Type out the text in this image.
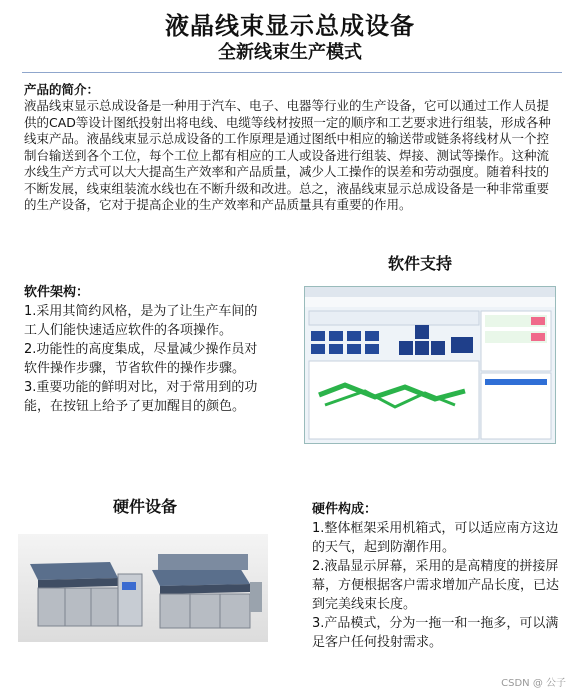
液晶线束显示总成设备
全新线束生产模式
产品的简介：

液晶线束显示总成设备是一种用于汽车、电子、电器等行业的生产设备，它可以通过工作人员提供的CAD等设计图纸投射出将电线、电缆等线材按照一定的顺序和工艺要求进行组装，形成各种线束产品。液晶线束显示总成设备的工作原理是通过图纸中相应的输送带或链条将线材从一个控制台输送到各个工位，每个工位上都有相应的工人或设备进行组装、焊接、测试等操作。这种流水线生产方式可以大大提高生产效率和产品质量，减少人工操作的误差和劳动强度。随着科技的不断发展，线束组装流水线也在不断升级和改进。总之，液晶线束显示总成设备是一种非常重要的生产设备，它对于提高企业的生产效率和产品质量具有重要的作用。

软件支持
软件架构：

1.采用其简约风格，是为了让生产车间的工人们能快速适应软件的各项操作。

2.功能性的高度集成，尽量减少操作员对软件操作步骤，节省软件的操作步骤。

3.重要功能的鲜明对比，对于常用到的功能，在按钮上给予了更加醒目的颜色。

硬件设备	硬件构成：

1.整体框架采用机箱式，可以适应南方这边的天气，起到防潮作用。

2.液晶显示屏幕，采用的是高精度的拼接屏幕，方便根据客户需求增加产品长度，已达到完美线束长度。

3.产品模式，分为一拖一和一拖多，可以满足客户任何投射需求。

CSDN @ 公子
